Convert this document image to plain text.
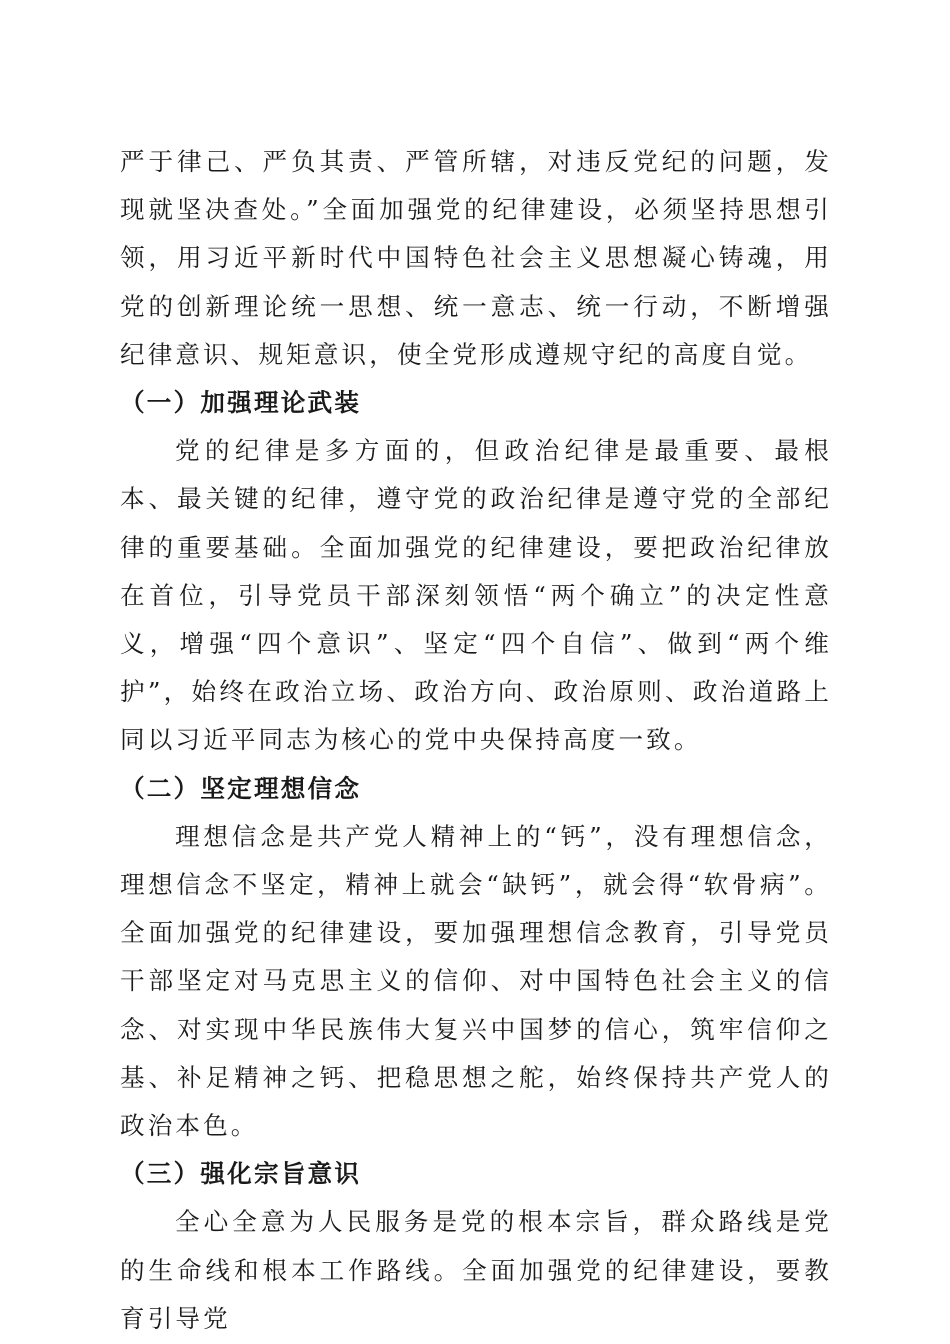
严于律己、严负其责、严管所辖，对违反党纪的问题，发现就坚决查处。”全面加强党的纪律建设，必须坚持思想引领，用习近平新时代中国特色社会主义思想凝心铸魂，用党的创新理论统一思想、统一意志、统一行动，不断增强纪律意识、规矩意识，使全党形成遵规守纪的高度自觉。

（一）加强理论武装

党的纪律是多方面的，但政治纪律是最重要、最根本、最关键的纪律，遵守党的政治纪律是遵守党的全部纪律的重要基础。全面加强党的纪律建设，要把政治纪律放在首位，引导党员干部深刻领悟“两个确立”的决定性意义，增强“四个意识”、坚定“四个自信”、做到“两个维护”，始终在政治立场、政治方向、政治原则、政治道路上同以习近平同志为核心的党中央保持高度一致。

（二）坚定理想信念

理想信念是共产党人精神上的“钙”，没有理想信念，理想信念不坚定，精神上就会“缺钙”，就会得“软骨病”。全面加强党的纪律建设，要加强理想信念教育，引导党员干部坚定对马克思主义的信仰、对中国特色社会主义的信念、对实现中华民族伟大复兴中国梦的信心，筑牢信仰之基、补足精神之钙、把稳思想之舵，始终保持共产党人的政治本色。

（三）强化宗旨意识

全心全意为人民服务是党的根本宗旨，群众路线是党的生命线和根本工作路线。全面加强党的纪律建设，要教育引导党
